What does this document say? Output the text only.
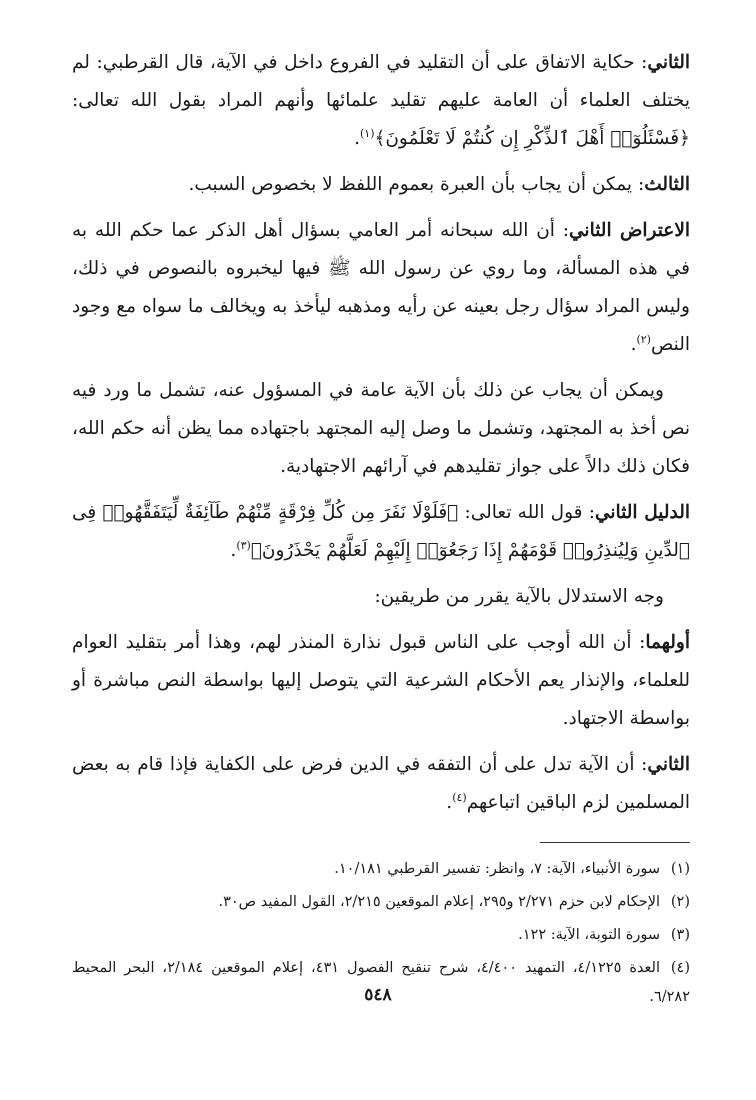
الثاني: حكاية الاتفاق على أن التقليد في الفروع داخل في الآية، قال القرطبي: لم يختلف العلماء أن العامة عليهم تقليد علمائها وأنهم المراد بقول الله تعالى: ﴿فَسْئَلُوٓا۟ أَهْلَ ٱلذِّكْرِ إِن كُنتُمْ لَا تَعْلَمُونَ﴾$^{(١)}$.

الثالث: يمكن أن يجاب بأن العبرة بعموم اللفظ لا بخصوص السبب.

الاعتراض الثاني: أن الله سبحانه أمر العامي بسؤال أهل الذكر عما حكم الله به في هذه المسألة، وما روي عن رسول الله ﷺ فيها ليخبروه بالنصوص في ذلك، وليس المراد سؤال رجل بعينه عن رأيه ومذهبه ليأخذ به ويخالف ما سواه مع وجود النص$^{(٢)}$.

ويمكن أن يجاب عن ذلك بأن الآية عامة في المسؤول عنه، تشمل ما ورد فيه نص أخذ به المجتهد، وتشمل ما وصل إليه المجتهد باجتهاده مما يظن أنه حكم الله، فكان ذلك دالاً على جواز تقليدهم في آرائهم الاجتهادية.

الدليل الثاني: قول الله تعالى: ﴿فَلَوْلَا نَفَرَ مِن كُلِّ فِرْقَةٍ مِّنْهُمْ طَآئِفَةٌ لِّيَتَفَقَّهُوا۟ فِى ٱلدِّينِ وَلِيُنذِرُوا۟ قَوْمَهُمْ إِذَا رَجَعُوٓا۟ إِلَيْهِمْ لَعَلَّهُمْ يَحْذَرُونَ﴾$^{(٣)}$.

وجه الاستدلال بالآية يقرر من طريقين:

أولهما: أن الله أوجب على الناس قبول نذارة المنذر لهم، وهذا أمر بتقليد العوام للعلماء، والإنذار يعم الأحكام الشرعية التي يتوصل إليها بواسطة النص مباشرة أو بواسطة الاجتهاد.

الثاني: أن الآية تدل على أن التفقه في الدين فرض على الكفاية فإذا قام به بعض المسلمين لزم الباقين اتباعهم$^{(٤)}$.

(١)سورة الأنبياء، الآية: ٧، وانظر: تفسير القرطبي ١٠/١٨١.

(٢)الإحكام لابن حزم ٢/٢٧١ و٢٩٥، إعلام الموقعين ٢/٢١٥، القول المفيد ص٣٠.

(٣)سورة التوبة، الآية: ١٢٢.

(٤)العدة ٤/١٢٢٥، التمهيد ٤/٤٠٠، شرح تنقيح الفصول ٤٣١، إعلام الموقعين ٢/١٨٤، البحر المحيط ٦/٢٨٢.

٥٤٨
